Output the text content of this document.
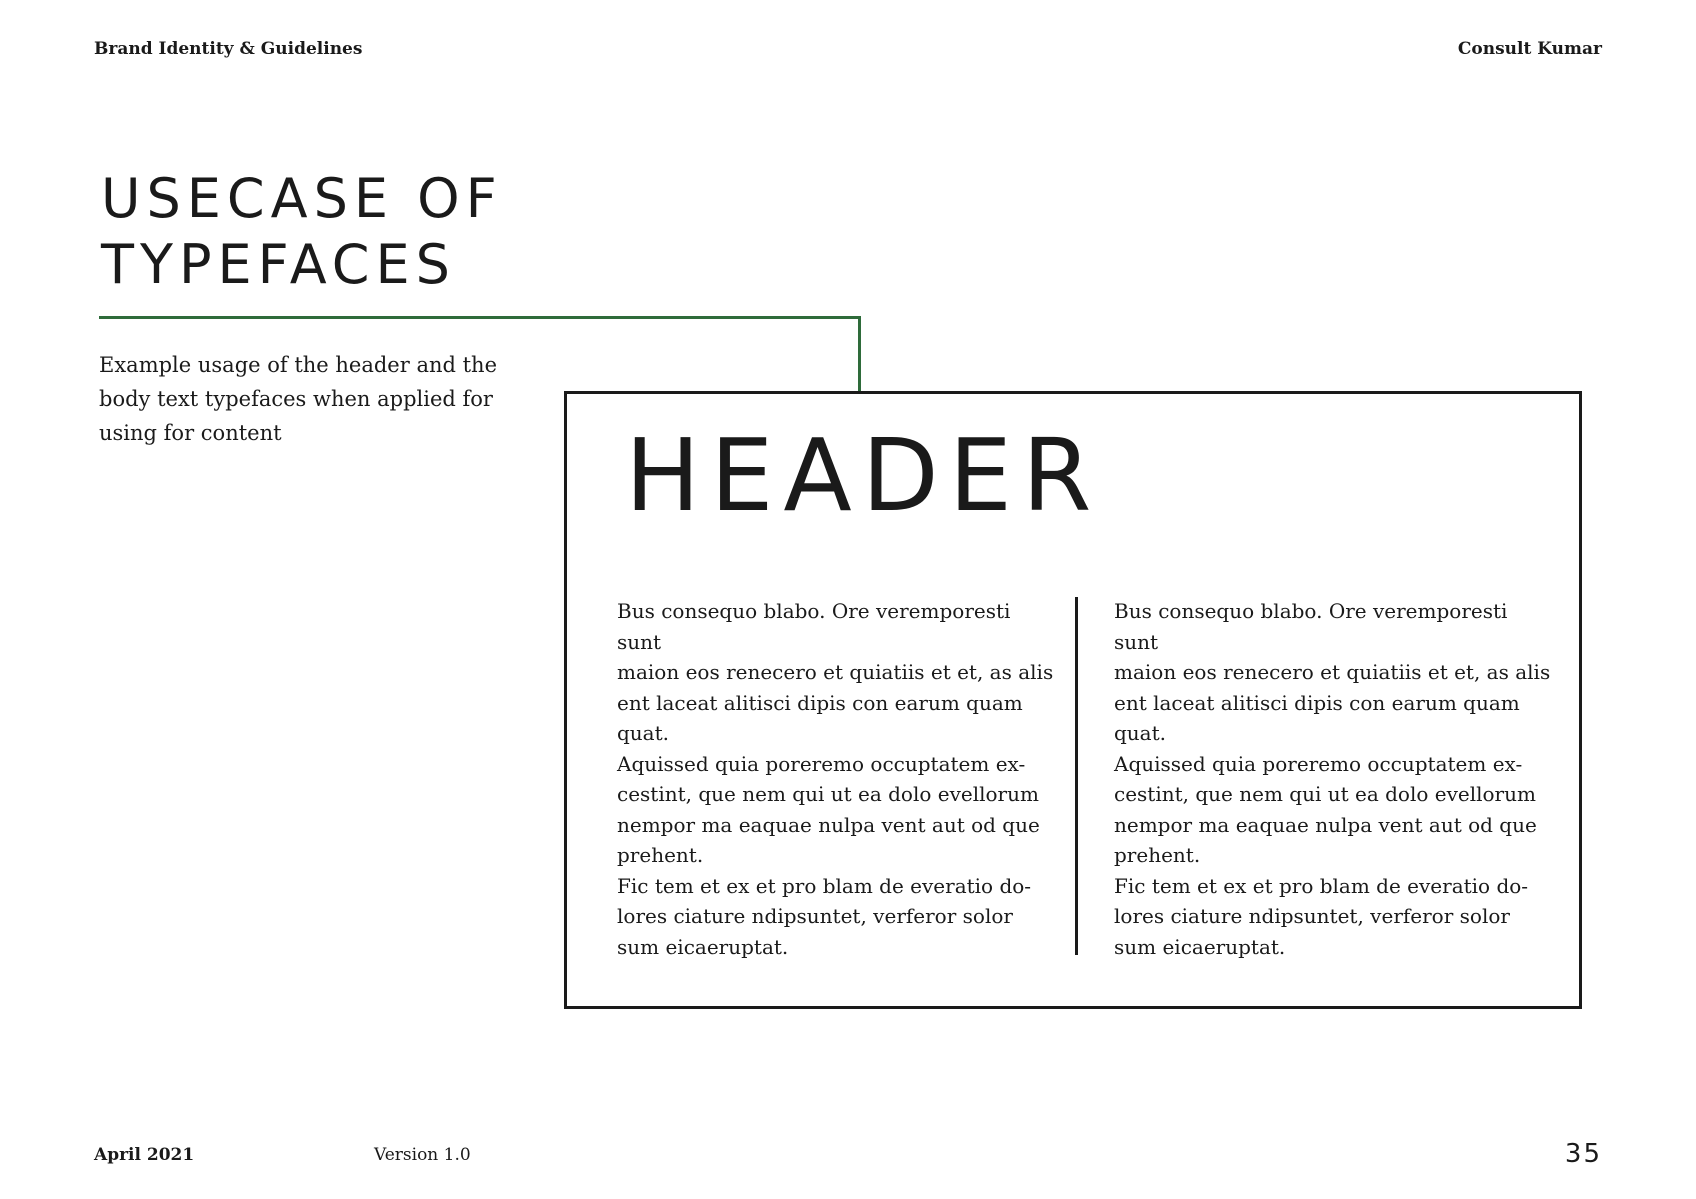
Brand Identity & Guidelines	Consult Kumar
USECASE OF
TYPEFACES

Example usage of the header and the body text typefaces when applied for using for content	HEADER

Bus consequo blabo. Ore veremporesti sunt
maion eos renecero et quiatiis et et, as alis
ent laceat alitisci dipis con earum quam
quat.

Aquissed quia poreremo occuptatem ex-
cestint, que nem qui ut ea dolo evellorum
nempor ma eaquae nulpa vent aut od que
prehent.

Fic tem et ex et pro blam de everatio do-
lores ciature ndipsuntet, verferor solor
sum eicaeruptat.

Bus consequo blabo. Ore veremporesti sunt
maion eos renecero et quiatiis et et, as alis
ent laceat alitisci dipis con earum quam
quat.

Aquissed quia poreremo occuptatem ex-
cestint, que nem qui ut ea dolo evellorum
nempor ma eaquae nulpa vent aut od que
prehent.

Fic tem et ex et pro blam de everatio do-
lores ciature ndipsuntet, verferor solor
sum eicaeruptat.

April 2021	Version 1.0	35
